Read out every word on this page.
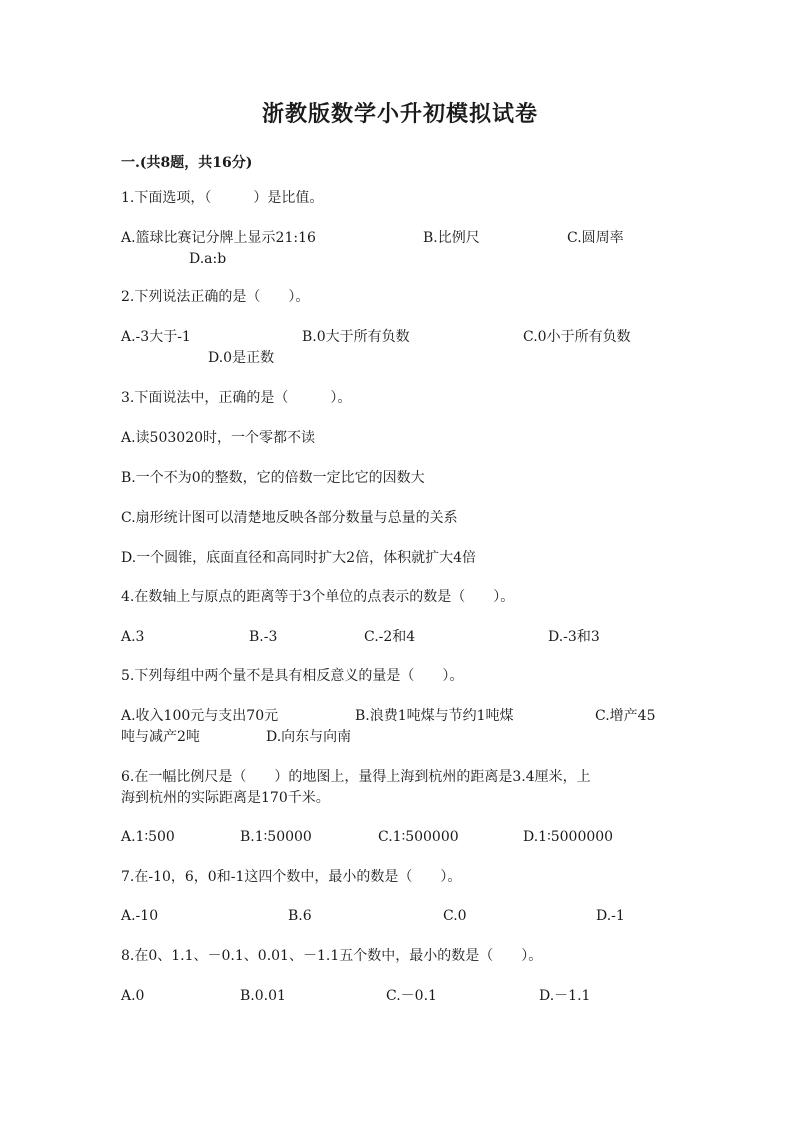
浙教版数学小升初模拟试卷
一.(共8题，共16分)
1.下面选项，（　　　）是比值。
A.篮球比赛记分牌上显示21:16	B.比例尺	C.圆周率
D.a:b
2.下列说法正确的是（　　）。
A.-3大于-1	B.0大于所有负数	C.0小于所有负数
D.0是正数
3.下面说法中，正确的是（　　　）。
A.读503020时，一个零都不读
B.一个不为0的整数，它的倍数一定比它的因数大
C.扇形统计图可以清楚地反映各部分数量与总量的关系
D.一个圆锥，底面直径和高同时扩大2倍，体积就扩大4倍
4.在数轴上与原点的距离等于3个单位的点表示的数是（　　）。
A.3	B.-3	C.-2和4	D.-3和3
5.下列每组中两个量不是具有相反意义的量是（　　）。
A.收入100元与支出70元	B.浪费1吨煤与节约1吨煤	C.增产45
吨与减产2吨	D.向东与向南
6.在一幅比例尺是（　　）的地图上，量得上海到杭州的距离是3.4厘米，上
海到杭州的实际距离是170千米。
A.1∶500	B.1∶50000	C.1∶500000	D.1∶5000000
7.在-10，6，0和-1这四个数中，最小的数是（　　）。
A.-10	B.6	C.0	D.-1
8.在0、1.1、－0.1、0.01、－1.1五个数中，最小的数是（　　）。
A.0	B.0.01	C.－0.1	D.－1.1
